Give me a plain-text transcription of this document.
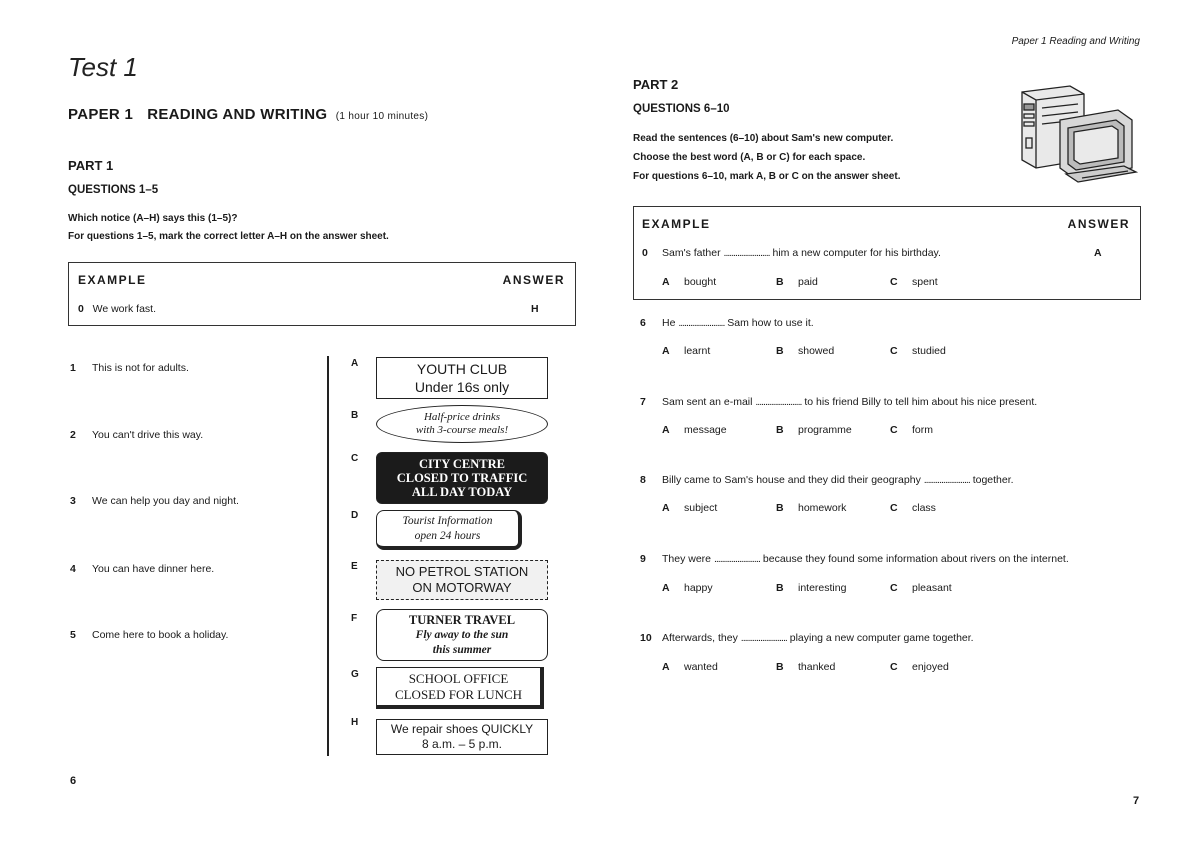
Test 1
PAPER 1 READING AND WRITING (1 hour 10 minutes)
PART 1
QUESTIONS 1–5
Which notice (A–H) says this (1–5)?
For questions 1–5, mark the correct letter A–H on the answer sheet.
EXAMPLE	ANSWER
0 We work fast.	H
1 This is not for adults.
2 You can't drive this way.
3 We can help you day and night.
4 You can have dinner here.
5 Come here to book a holiday.
A
B
C
D
E
F
G
H
YOUTH CLUB
Under 16s only
Half-price drinks
with 3-course meals!
CITY CENTRE
CLOSED TO TRAFFIC
ALL DAY TODAY
Tourist Information
open 24 hours
NO PETROL STATION
ON MOTORWAY
TURNER TRAVEL
Fly away to the sun
this summer
SCHOOL OFFICE
CLOSED FOR LUNCH
We repair shoes QUICKLY
8 a.m. – 5 p.m.
6
Paper 1 Reading and Writing
PART 2
QUESTIONS 6–10
Read the sentences (6–10) about Sam's new computer.
Choose the best word (A, B or C) for each space.
For questions 6–10, mark A, B or C on the answer sheet.
EXAMPLE	ANSWER
0 Sam's father ........................ him a new computer for his birthday.	A
A bought	B paid	C spent
6 He ........................ Sam how to use it.
A learnt	B showed	C studied
7 Sam sent an e-mail ........................ to his friend Billy to tell him about his nice present.
A message	B programme	C form
8 Billy came to Sam's house and they did their geography ........................ together.
A subject	B homework	C class
9 They were ........................ because they found some information about rivers on the internet.
A happy	B interesting	C pleasant
10 Afterwards, they ........................ playing a new computer game together.
A wanted	B thanked	C enjoyed
7
